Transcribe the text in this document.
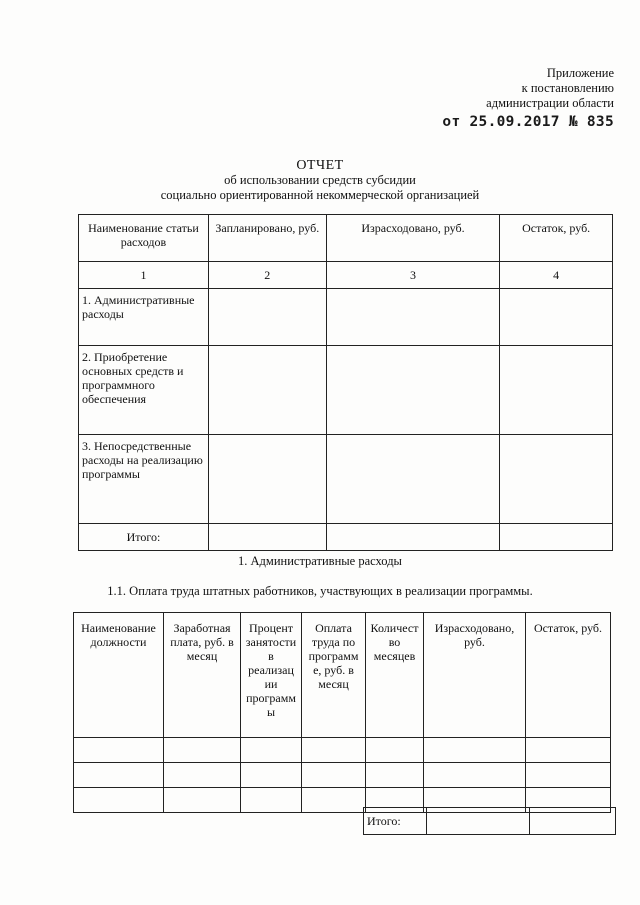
Приложение
к постановлению
администрации области
от 25.09.2017 № 835
ОТЧЕТ
об использовании средств субсидии
социально ориентированной некоммерческой организацией
Наименование статьи расходов	Запланировано, руб.	Израсходовано, руб.	Остаток, руб.
1	2	3	4
1. Административные расходы			
2. Приобретение основных средств и программного обеспечения			
3. Непосредственные расходы на реализацию программы			
Итого:			
1. Административные расходы
1.1. Оплата труда штатных работников, участвующих в реализации программы.
Наименование должности	Заработная плата, руб. в месяц	Процент занятости в реализац ии программ ы	Оплата труда по программ е, руб. в месяц	Количест во месяцев	Израсходовано, руб.	Остаток, руб.

Итого:		
